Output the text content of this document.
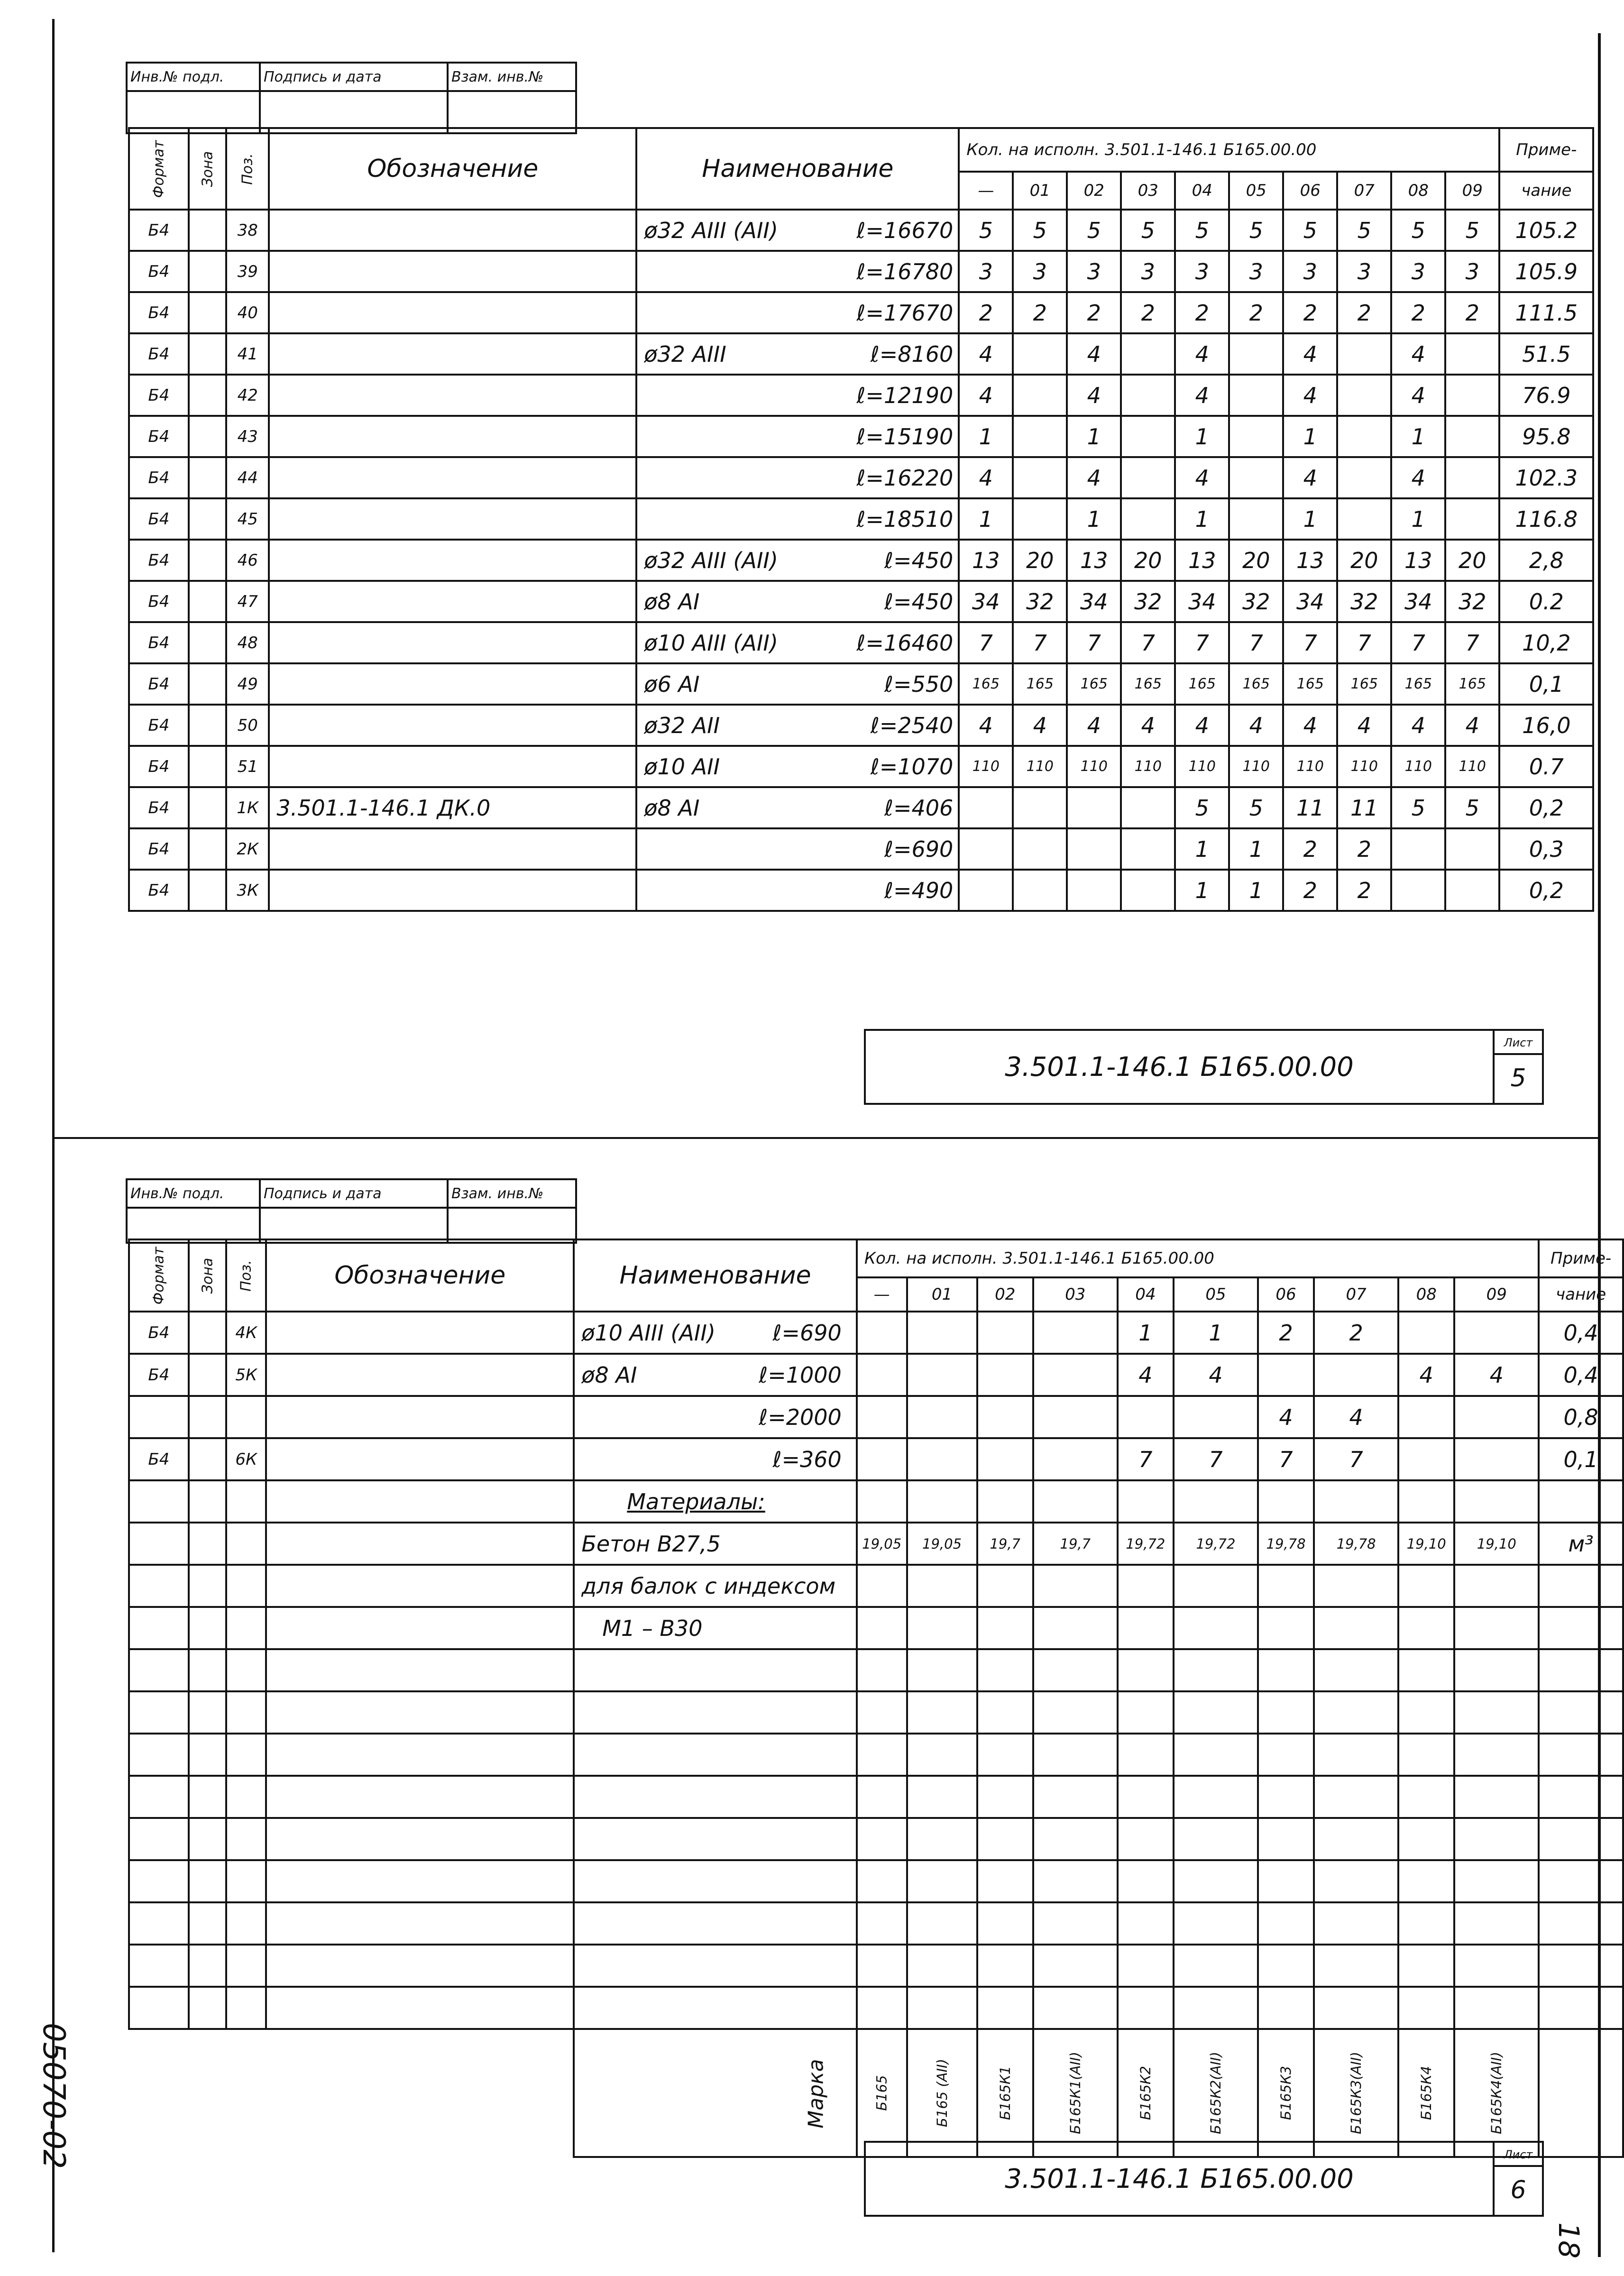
Инв.№ подл.	Подпись и дата	Взам. инв.№

Формат	Зона	Поз.	Обозначение	Наименование	Кол. на исполн. 3.501.1-146.1 Б165.00.00										Приме-
					—	01	02	03	04	05	06	07	08	09	чание
Б4		38		ø32 АIII (АII) ℓ=16670	5	5	5	5	5	5	5	5	5	5	105.2
Б4		39		ℓ=16780	3	3	3	3	3	3	3	3	3	3	105.9
Б4		40		ℓ=17670	2	2	2	2	2	2	2	2	2	2	111.5
Б4		41		ø32 АIII ℓ=8160	4		4		4		4		4		51.5
Б4		42		ℓ=12190	4		4		4		4		4		76.9
Б4		43		ℓ=15190	1		1		1		1		1		95.8
Б4		44		ℓ=16220	4		4		4		4		4		102.3
Б4		45		ℓ=18510	1		1		1		1		1		116.8
Б4		46		ø32 АIII (АII) ℓ=450	13	20	13	20	13	20	13	20	13	20	2,8
Б4		47		ø8 АI ℓ=450	34	32	34	32	34	32	34	32	34	32	0.2
Б4		48		ø10 АIII (АII) ℓ=16460	7	7	7	7	7	7	7	7	7	7	10,2
Б4		49		ø6 АI ℓ=550	165	165	165	165	165	165	165	165	165	165	0,1
Б4		50		ø32 АII ℓ=2540	4	4	4	4	4	4	4	4	4	4	16,0
Б4		51		ø10 АII ℓ=1070	110	110	110	110	110	110	110	110	110	110	0.7
Б4		1К	3.501.1-146.1 ДК.0	ø8 АI ℓ=406					5	5	11	11	5	5	0,2
Б4		2К		ℓ=690					1	1	2	2			0,3
Б4		3К		ℓ=490					1	1	2	2			0,2

3.501.1-146.1 Б165.00.00	
Лист
5
Инв.№ подл.	Подпись и дата	Взам. инв.№

Формат	Зона	Поз.	Обозначение	Наименование	Кол. на исполн. 3.501.1-146.1 Б165.00.00										Приме-
					—	01	02	03	04	05	06	07	08	09	чание
Б4		4К		ø10 АIII (АII) ℓ=690					1	1	2	2			0,4
Б4		5К		ø8 АI ℓ=1000					4	4			4	4	0,4

				ℓ=2000							4	4			0,8
Б4		6К		ℓ=360					7	7	7	7			0,1

				Материалы:											

				Бетон В27,5	19,05	19,05	19,7	19,7	19,72	19,72	19,78	19,78	19,10	19,10	м³

				для балок с индексом											

				М1 – В30											

				Марка	Б165	Б165 (АII)	Б165К1	Б165К1(АII)	Б165К2	Б165К2(АII)	Б165К3	Б165К3(АII)	Б165К4	Б165К4(АII)	
3.501.1-146.1 Б165.00.00	
Лист
6
05070-02
18
